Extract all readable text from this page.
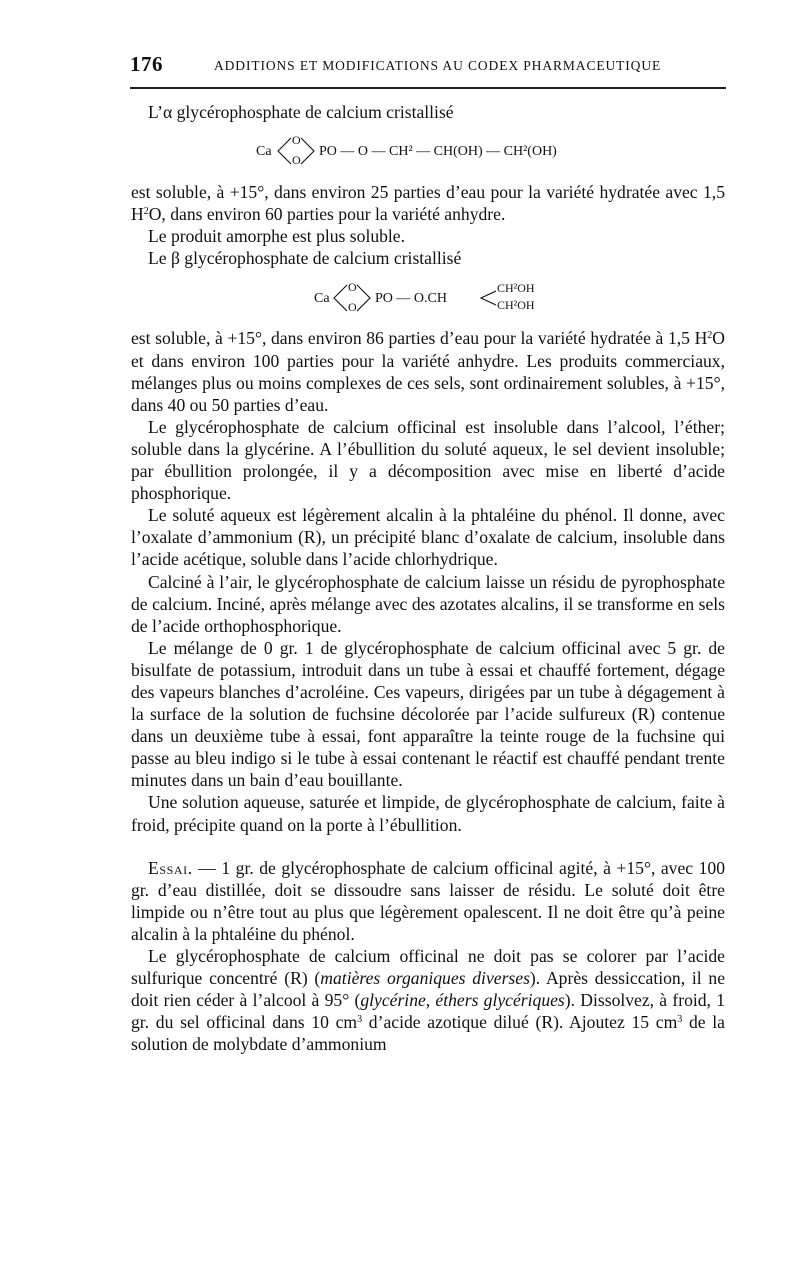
176	ADDITIONS ET MODIFICATIONS AU CODEX PHARMACEUTIQUE

L’α glycérophosphate de calcium cristallisé

Ca
O
O
PO — O — CH² — CH(OH) — CH²(OH)

est soluble, à +15°, dans environ 25 parties d’eau pour la variété hydratée avec 1,5 $H^2O$, dans environ 60 parties pour la variété anhydre.

Le produit amorphe est plus soluble.

Le β glycérophosphate de calcium cristallisé

Ca
O
O
PO — O.CH
CH²OH
CH²OH

est soluble, à +15°, dans environ 86 parties d’eau pour la variété hydratée à 1,5 $H^2O$ et dans environ 100 parties pour la variété anhydre. Les produits commerciaux, mélanges plus ou moins complexes de ces sels, sont ordinairement solubles, à +15°, dans 40 ou 50 parties d’eau.

Le glycérophosphate de calcium officinal est insoluble dans l’alcool, l’éther; soluble dans la glycérine. A l’ébullition du soluté aqueux, le sel devient insoluble; par ébullition prolongée, il y a décomposition avec mise en liberté d’acide phosphorique.

Le soluté aqueux est légèrement alcalin à la phtaléine du phénol. Il donne, avec l’oxalate d’ammonium (R), un précipité blanc d’oxalate de calcium, insoluble dans l’acide acétique, soluble dans l’acide chlorhydrique.

Calciné à l’air, le glycérophosphate de calcium laisse un résidu de pyrophosphate de calcium. Inciné, après mélange avec des azotates alcalins, il se transforme en sels de l’acide orthophosphorique.

Le mélange de 0 gr. 1 de glycérophosphate de calcium officinal avec 5 gr. de bisulfate de potassium, introduit dans un tube à essai et chauffé fortement, dégage des vapeurs blanches d’acroléine. Ces vapeurs, dirigées par un tube à dégagement à la surface de la solution de fuchsine décolorée par l’acide sulfureux (R) contenue dans un deuxième tube à essai, font apparaître la teinte rouge de la fuchsine qui passe au bleu indigo si le tube à essai contenant le réactif est chauffé pendant trente minutes dans un bain d’eau bouillante.

Une solution aqueuse, saturée et limpide, de glycérophosphate de calcium, faite à froid, précipite quand on la porte à l’ébullition.

Essai. — 1 gr. de glycérophosphate de calcium officinal agité, à +15°, avec 100 gr. d’eau distillée, doit se dissoudre sans laisser de résidu. Le soluté doit être limpide ou n’être tout au plus que légèrement opalescent. Il ne doit être qu’à peine alcalin à la phtaléine du phénol.

Le glycérophosphate de calcium officinal ne doit pas se colorer par l’acide sulfurique concentré (R) (matières organiques diverses). Après dessiccation, il ne doit rien céder à l’alcool à 95° (glycérine, éthers glycériques). Dissolvez, à froid, 1 gr. du sel officinal dans 10 $cm^3$ d’acide azotique dilué (R). Ajoutez 15 $cm^3$ de la solution de molybdate d’ammonium
